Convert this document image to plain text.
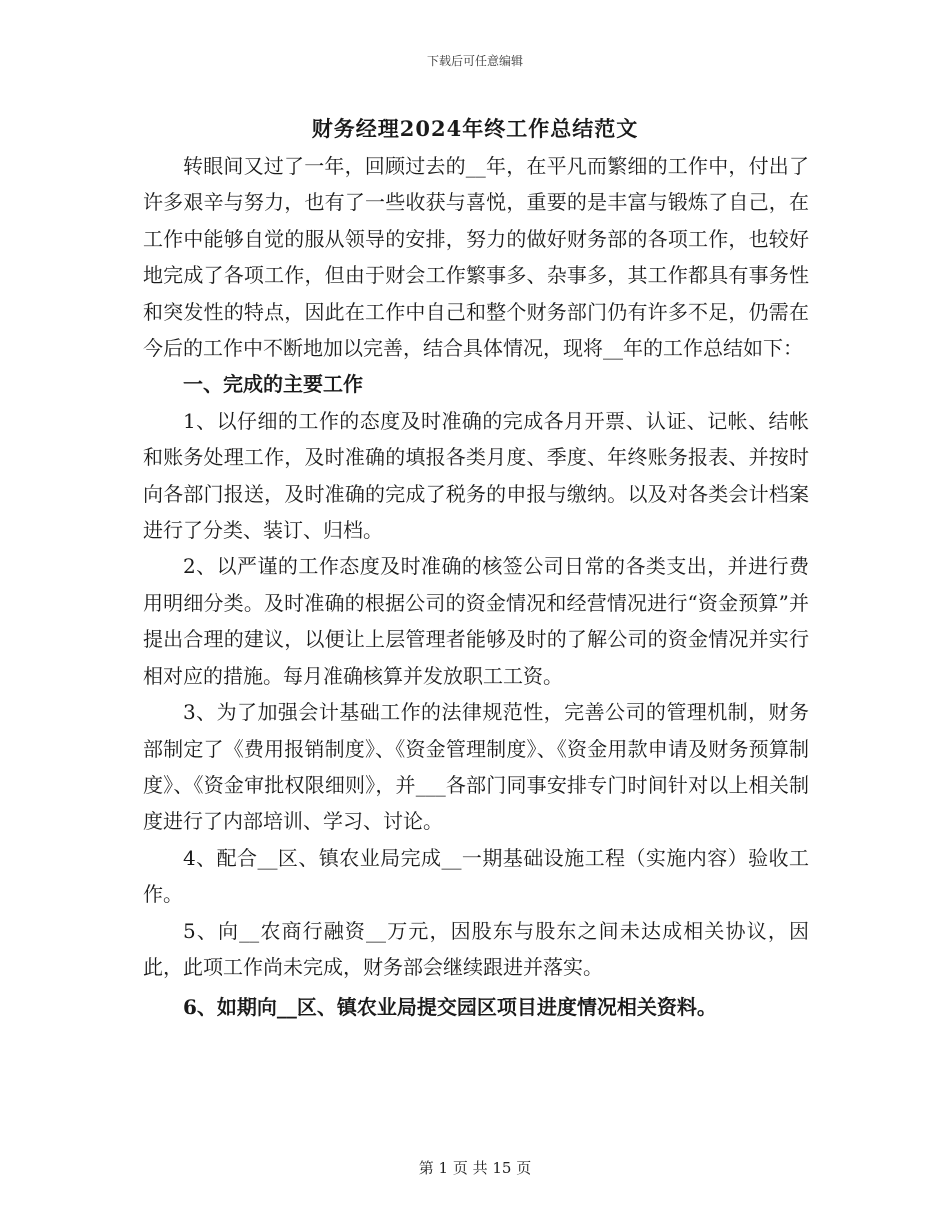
下载后可任意编辑
财务经理2024年终工作总结范文

转眼间又过了一年，回顾过去的__年，在平凡而繁细的工作中，付出了许多艰辛与努力，也有了一些收获与喜悦，重要的是丰富与锻炼了自己，在工作中能够自觉的服从领导的安排，努力的做好财务部的各项工作，也较好地完成了各项工作，但由于财会工作繁事多、杂事多，其工作都具有事务性和突发性的特点，因此在工作中自己和整个财务部门仍有许多不足，仍需在今后的工作中不断地加以完善，结合具体情况，现将__年的工作总结如下：

一、完成的主要工作

1、以仔细的工作的态度及时准确的完成各月开票、认证、记帐、结帐和账务处理工作，及时准确的填报各类月度、季度、年终账务报表、并按时向各部门报送，及时准确的完成了税务的申报与缴纳。以及对各类会计档案进行了分类、装订、归档。

2、以严谨的工作态度及时准确的核签公司日常的各类支出，并进行费用明细分类。及时准确的根据公司的资金情况和经营情况进行“资金预算”并提出合理的建议，以便让上层管理者能够及时的了解公司的资金情况并实行相对应的措施。每月准确核算并发放职工工资。

3、为了加强会计基础工作的法律规范性，完善公司的管理机制，财务部制定了《费用报销制度》、《资金管理制度》、《资金用款申请及财务预算制度》、《资金审批权限细则》，并___各部门同事安排专门时间针对以上相关制度进行了内部培训、学习、讨论。

4、配合__区、镇农业局完成__一期基础设施工程（实施内容）验收工作。

5、向__农商行融资__万元，因股东与股东之间未达成相关协议，因此，此项工作尚未完成，财务部会继续跟进并落实。

6、如期向__区、镇农业局提交园区项目进度情况相关资料。

第 1 页 共 15 页
